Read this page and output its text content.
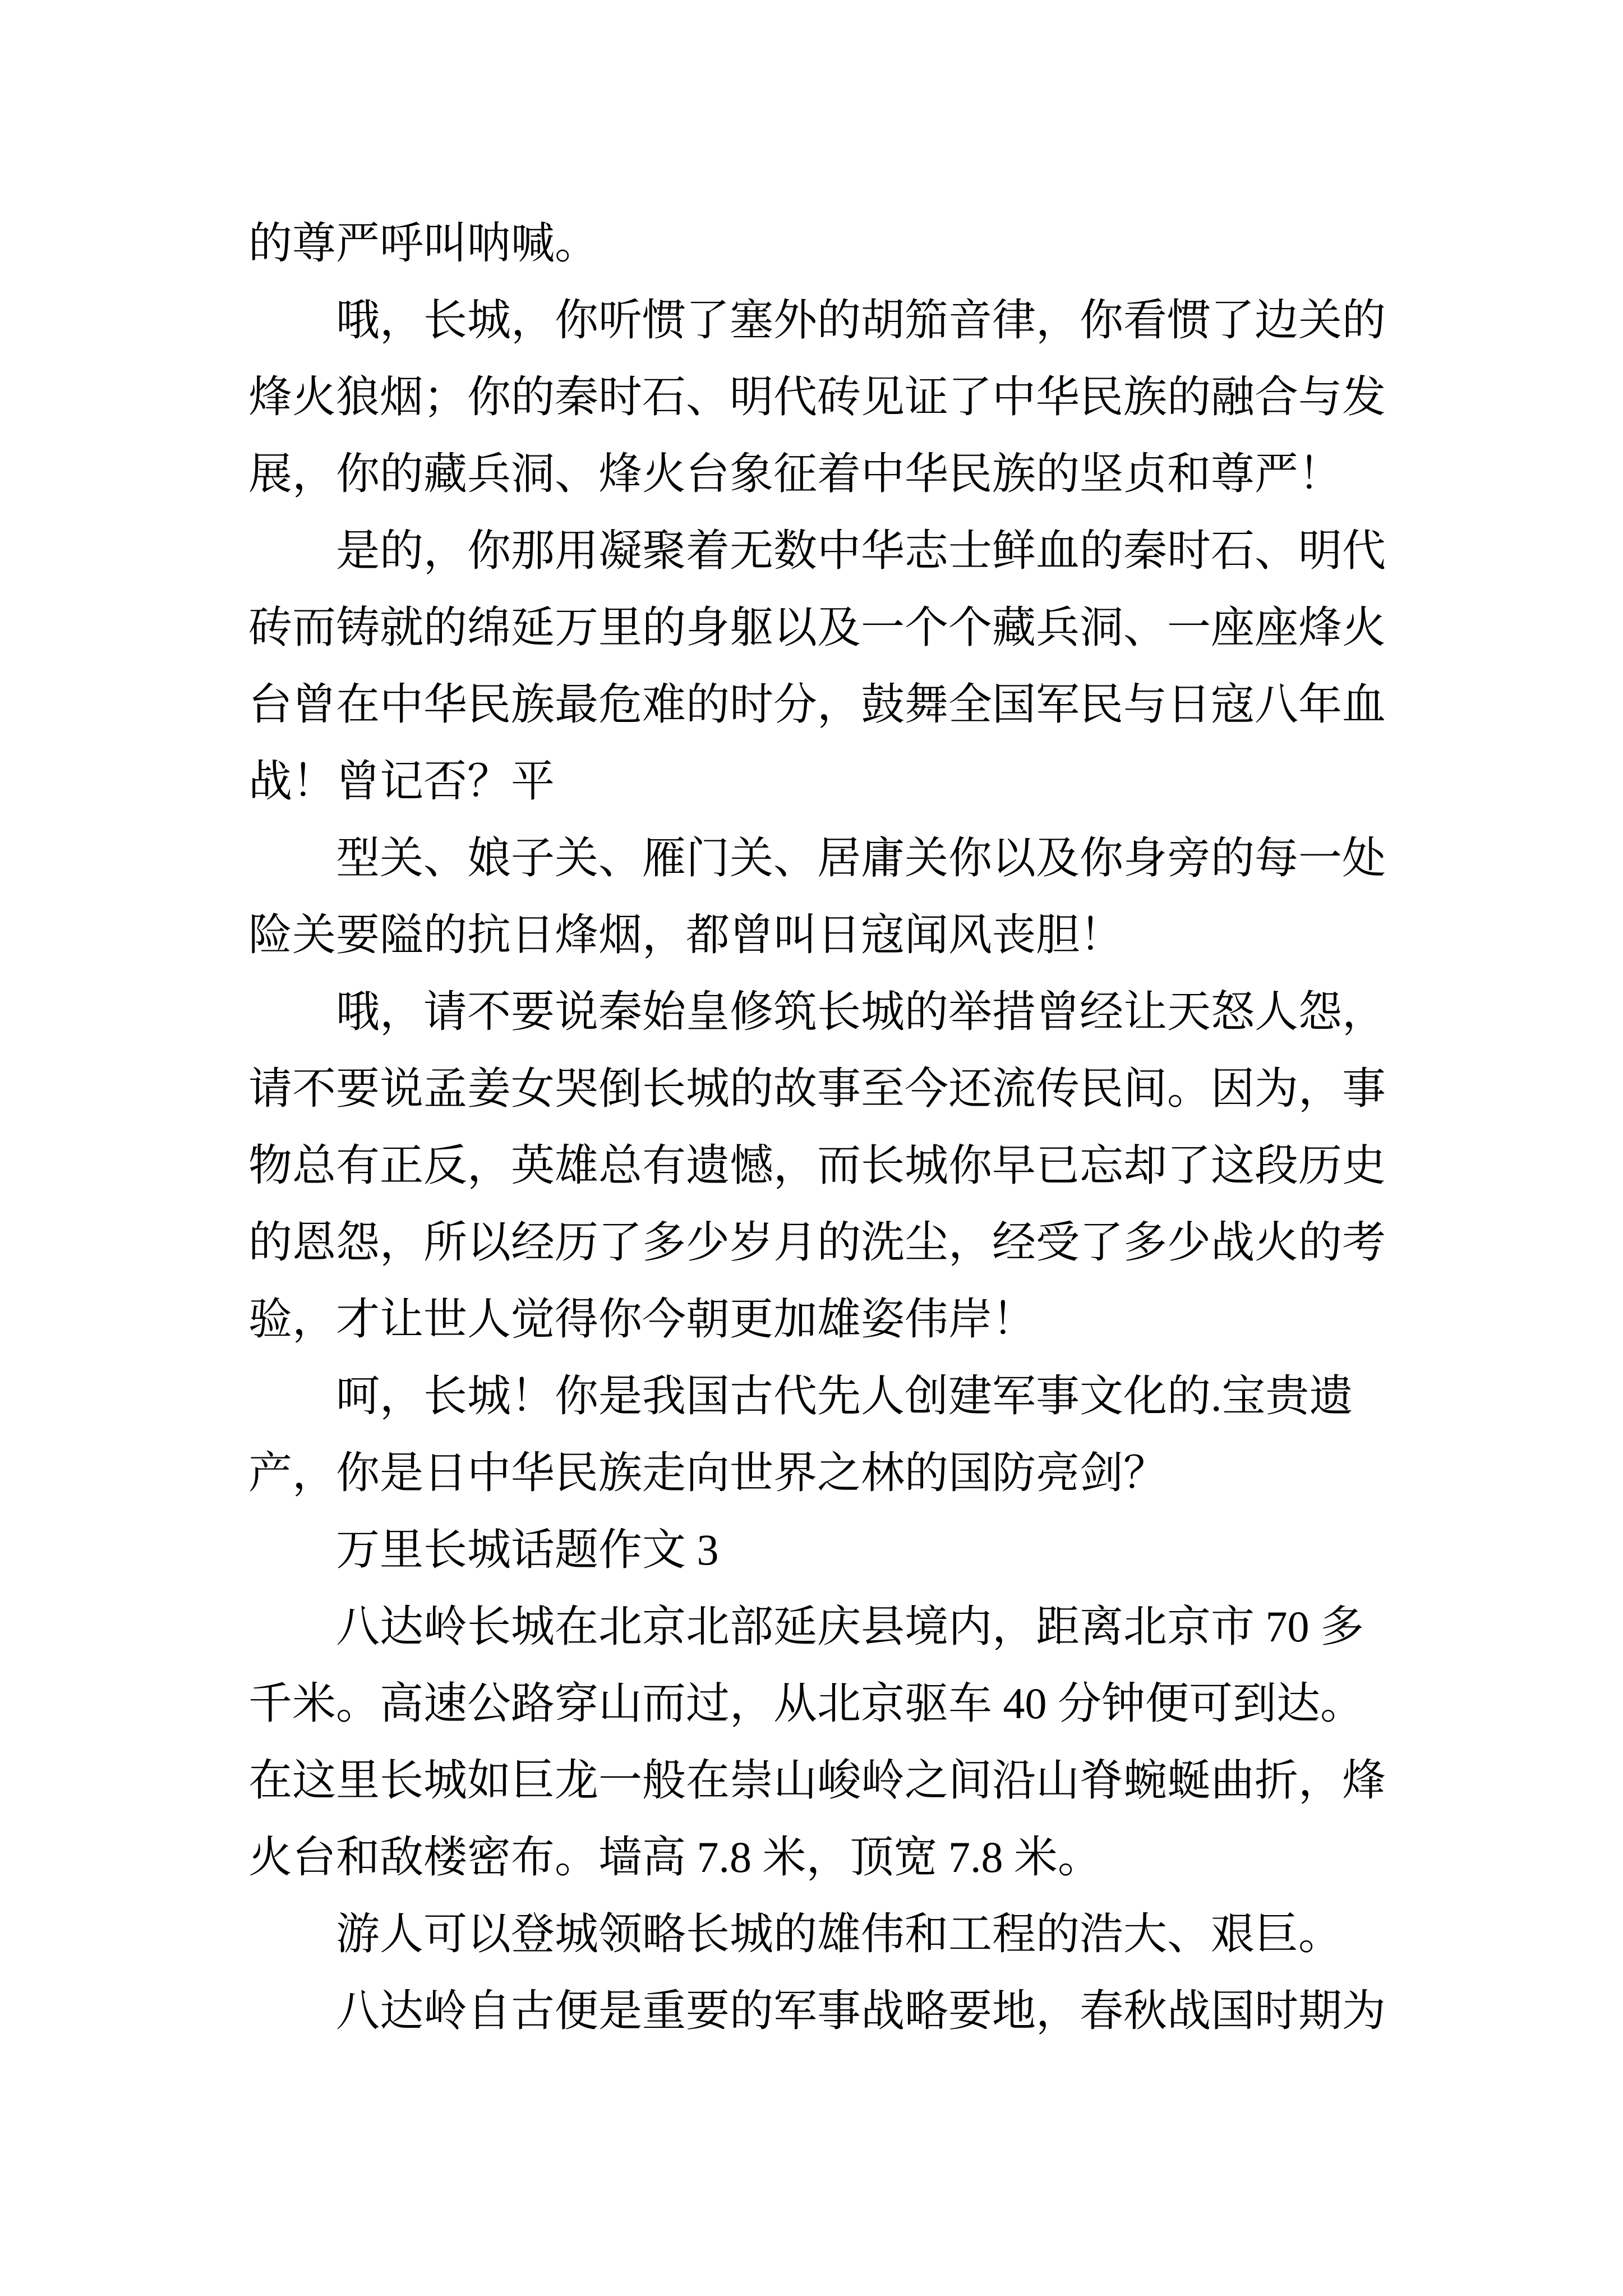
的尊严呼叫呐喊。

哦，长城，你听惯了塞外的胡笳音律，你看惯了边关的

烽火狼烟；你的秦时石、明代砖见证了中华民族的融合与发

展，你的藏兵洞、烽火台象征着中华民族的坚贞和尊严！

是的，你那用凝聚着无数中华志士鲜血的秦时石、明代

砖而铸就的绵延万里的身躯以及一个个藏兵洞、一座座烽火

台曾在中华民族最危难的时分，鼓舞全国军民与日寇八年血

战！曾记否？平

型关、娘子关、雁门关、居庸关你以及你身旁的每一处

险关要隘的抗日烽烟，都曾叫日寇闻风丧胆！

哦，请不要说秦始皇修筑长城的举措曾经让天怒人怨，

请不要说孟姜女哭倒长城的故事至今还流传民间。因为，事

物总有正反，英雄总有遗憾，而长城你早已忘却了这段历史

的恩怨，所以经历了多少岁月的洗尘，经受了多少战火的考

验，才让世人觉得你今朝更加雄姿伟岸！

呵，长城！你是我国古代先人创建军事文化的.宝贵遗

产，你是日中华民族走向世界之林的国防亮剑？

万里长城话题作文 3

八达岭长城在北京北部延庆县境内，距离北京市 70 多

千米。高速公路穿山而过，从北京驱车 40 分钟便可到达。

在这里长城如巨龙一般在崇山峻岭之间沿山脊蜿蜒曲折，烽

火台和敌楼密布。墙高 7.8 米，顶宽 7.8 米。

游人可以登城领略长城的雄伟和工程的浩大、艰巨。

八达岭自古便是重要的军事战略要地，春秋战国时期为
